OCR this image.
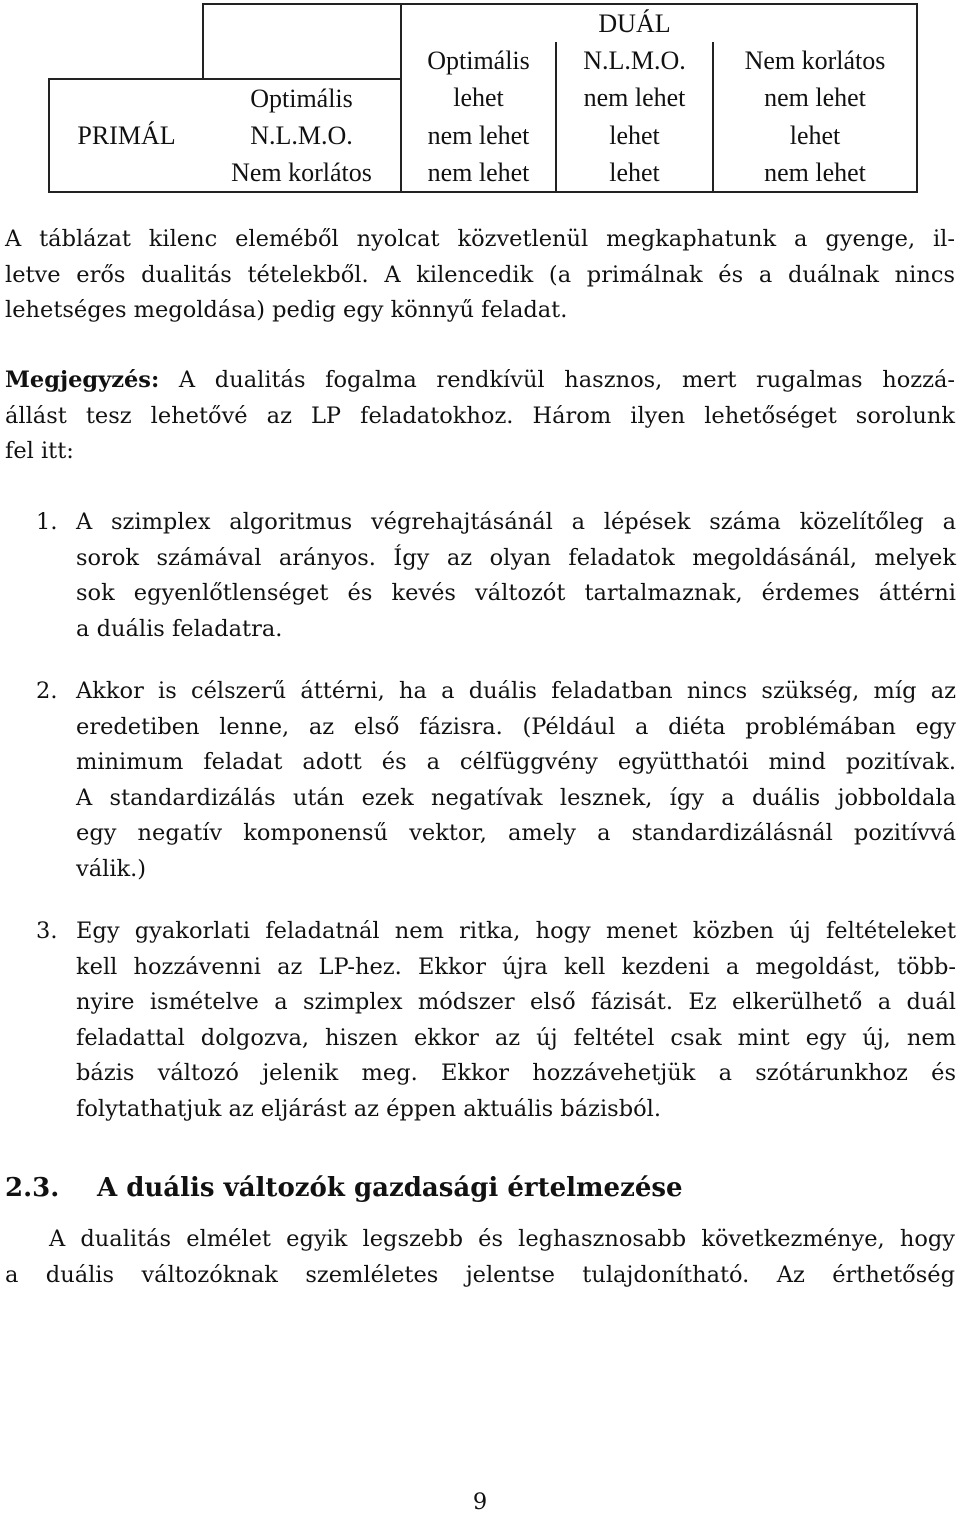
			DUÁL	
		Optimális	N.L.M.O.	Nem korlátos
	Optimális	lehet	nem lehet	nem lehet
PRIMÁL	N.L.M.O.	nem lehet	lehet	lehet
	Nem korlátos	nem lehet	lehet	nem lehet

A táblázat kilenc eleméből nyolcat közvetlenül megkaphatunk a gyenge, il-
letve erős dualitás tételekből. A kilencedik (a primálnak és a duálnak nincs
lehetséges megoldása) pedig egy könnyű feladat.

Megjegyzés: A dualitás fogalma rendkívül hasznos, mert rugalmas hozzá-
állást tesz lehetővé az LP feladatokhoz. Három ilyen lehetőséget sorolunk
fel itt:

1. A szimplex algoritmus végrehajtásánál a lépések száma közelítőleg a
sorok számával arányos. Így az olyan feladatok megoldásánál, melyek
sok egyenlőtlenséget és kevés változót tartalmaznak, érdemes áttérni
a duális feladatra.

2. Akkor is célszerű áttérni, ha a duális feladatban nincs szükség, míg az
eredetiben lenne, az első fázisra. (Például a diéta problémában egy
minimum feladat adott és a célfüggvény együtthatói mind pozitívak.
A standardizálás után ezek negatívak lesznek, így a duális jobboldala
egy negatív komponensű vektor, amely a standardizálásnál pozitívvá
válik.)

3. Egy gyakorlati feladatnál nem ritka, hogy menet közben új feltételeket
kell hozzávenni az LP-hez. Ekkor újra kell kezdeni a megoldást, több-
nyire ismételve a szimplex módszer első fázisát. Ez elkerülhető a duál
feladattal dolgozva, hiszen ekkor az új feltétel csak mint egy új, nem
bázis változó jelenik meg. Ekkor hozzávehetjük a szótárunkhoz és
folytathatjuk az eljárást az éppen aktuális bázisból.

2.3. A duális változók gazdasági értelmezése

A dualitás elmélet egyik legszebb és leghasznosabb következménye, hogy
a duális változóknak szemléletes jelentse tulajdonítható. Az érthetőség

9
